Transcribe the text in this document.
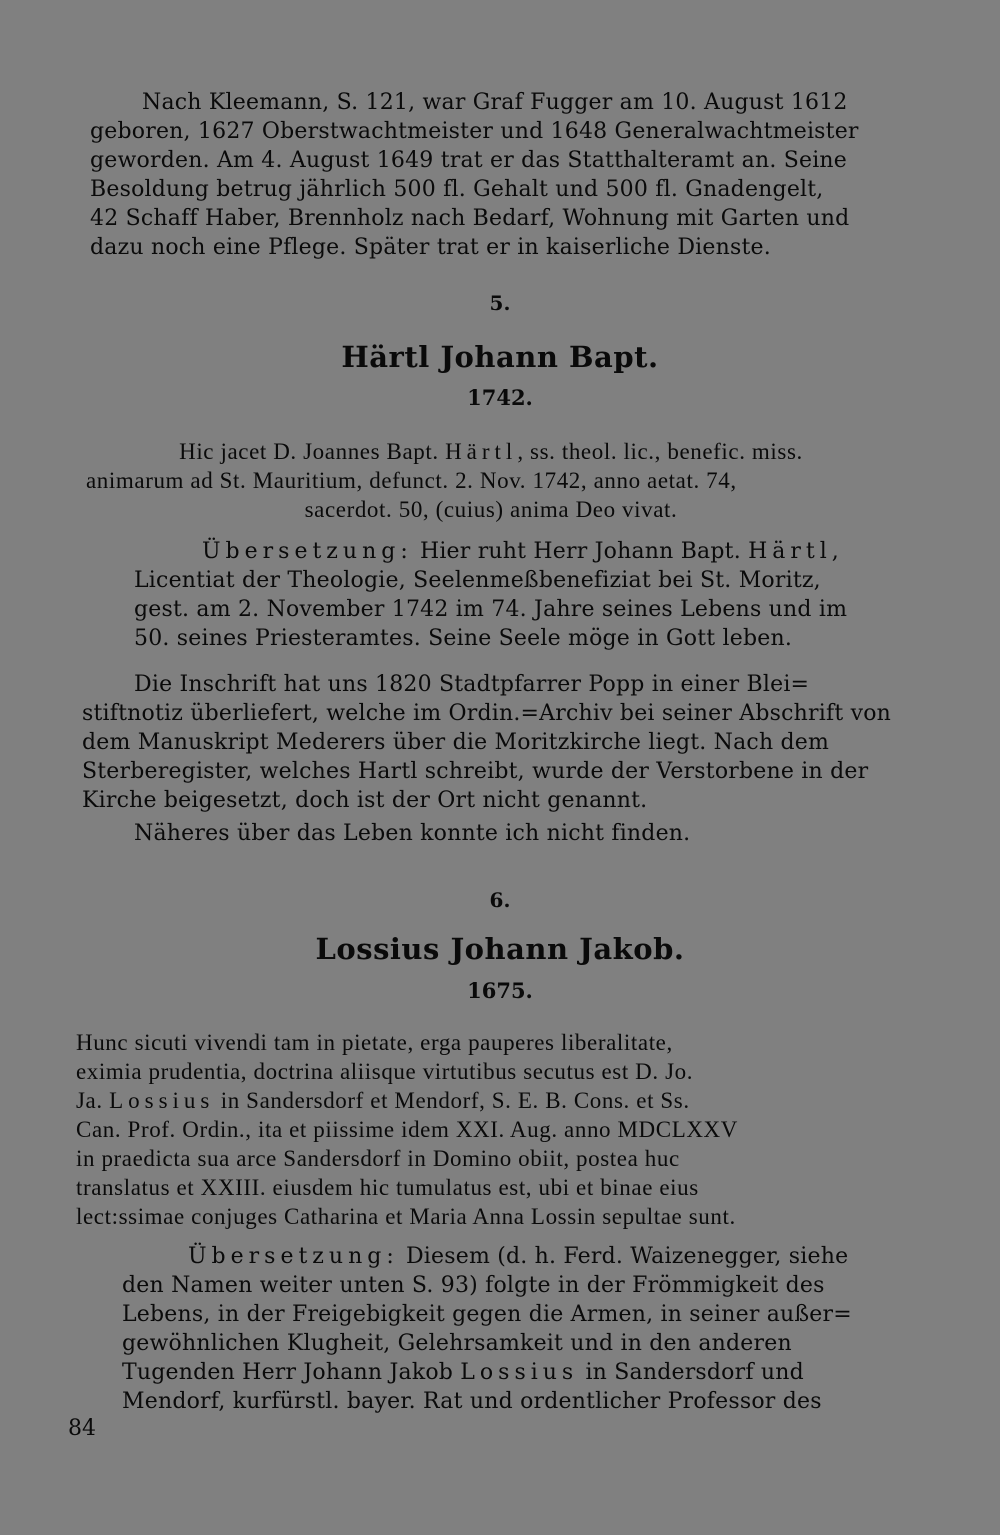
Nach Kleemann, S. 121, war Graf Fugger am 10. August 1612

geboren, 1627 Oberstwachtmeister und 1648 Generalwachtmeister

geworden. Am 4. August 1649 trat er das Statthalteramt an. Seine

Besoldung betrug jährlich 500 fl. Gehalt und 500 fl. Gnadengelt,

42 Schaff Haber, Brennholz nach Bedarf, Wohnung mit Garten und

dazu noch eine Pflege. Später trat er in kaiserliche Dienste.

5.
Härtl Johann Bapt.
1742.

Hic jacet D. Joannes Bapt. Härtl, ss. theol. lic., benefic. miss.

animarum ad St. Mauritium, defunct. 2. Nov. 1742, anno aetat. 74,

sacerdot. 50, (cuius) anima Deo vivat.

Übersetzung: Hier ruht Herr Johann Bapt. Härtl,

Licentiat der Theologie, Seelenmeßbenefiziat bei St. Moritz,

gest. am 2. November 1742 im 74. Jahre seines Lebens und im

50. seines Priesteramtes. Seine Seele möge in Gott leben.

Die Inschrift hat uns 1820 Stadtpfarrer Popp in einer Blei=

stiftnotiz überliefert, welche im Ordin.=Archiv bei seiner Abschrift von

dem Manuskript Mederers über die Moritzkirche liegt. Nach dem

Sterberegister, welches Hartl schreibt, wurde der Verstorbene in der

Kirche beigesetzt, doch ist der Ort nicht genannt.

Näheres über das Leben konnte ich nicht finden.

6.
Lossius Johann Jakob.
1675.

Hunc sicuti vivendi tam in pietate, erga pauperes liberalitate,

eximia prudentia, doctrina aliisque virtutibus secutus est D. Jo.

Ja. Lossius in Sandersdorf et Mendorf, S. E. B. Cons. et Ss.

Can. Prof. Ordin., ita et piissime idem XXI. Aug. anno MDCLXXV

in praedicta sua arce Sandersdorf in Domino obiit, postea huc

translatus et XXIII. eiusdem hic tumulatus est, ubi et binae eius

lect:ssimae conjuges Catharina et Maria Anna Lossin sepultae sunt.

Übersetzung: Diesem (d. h. Ferd. Waizenegger, siehe

den Namen weiter unten S. 93) folgte in der Frömmigkeit des

Lebens, in der Freigebigkeit gegen die Armen, in seiner außer=

gewöhnlichen Klugheit, Gelehrsamkeit und in den anderen

Tugenden Herr Johann Jakob Lossius in Sandersdorf und

Mendorf, kurfürstl. bayer. Rat und ordentlicher Professor des

84
